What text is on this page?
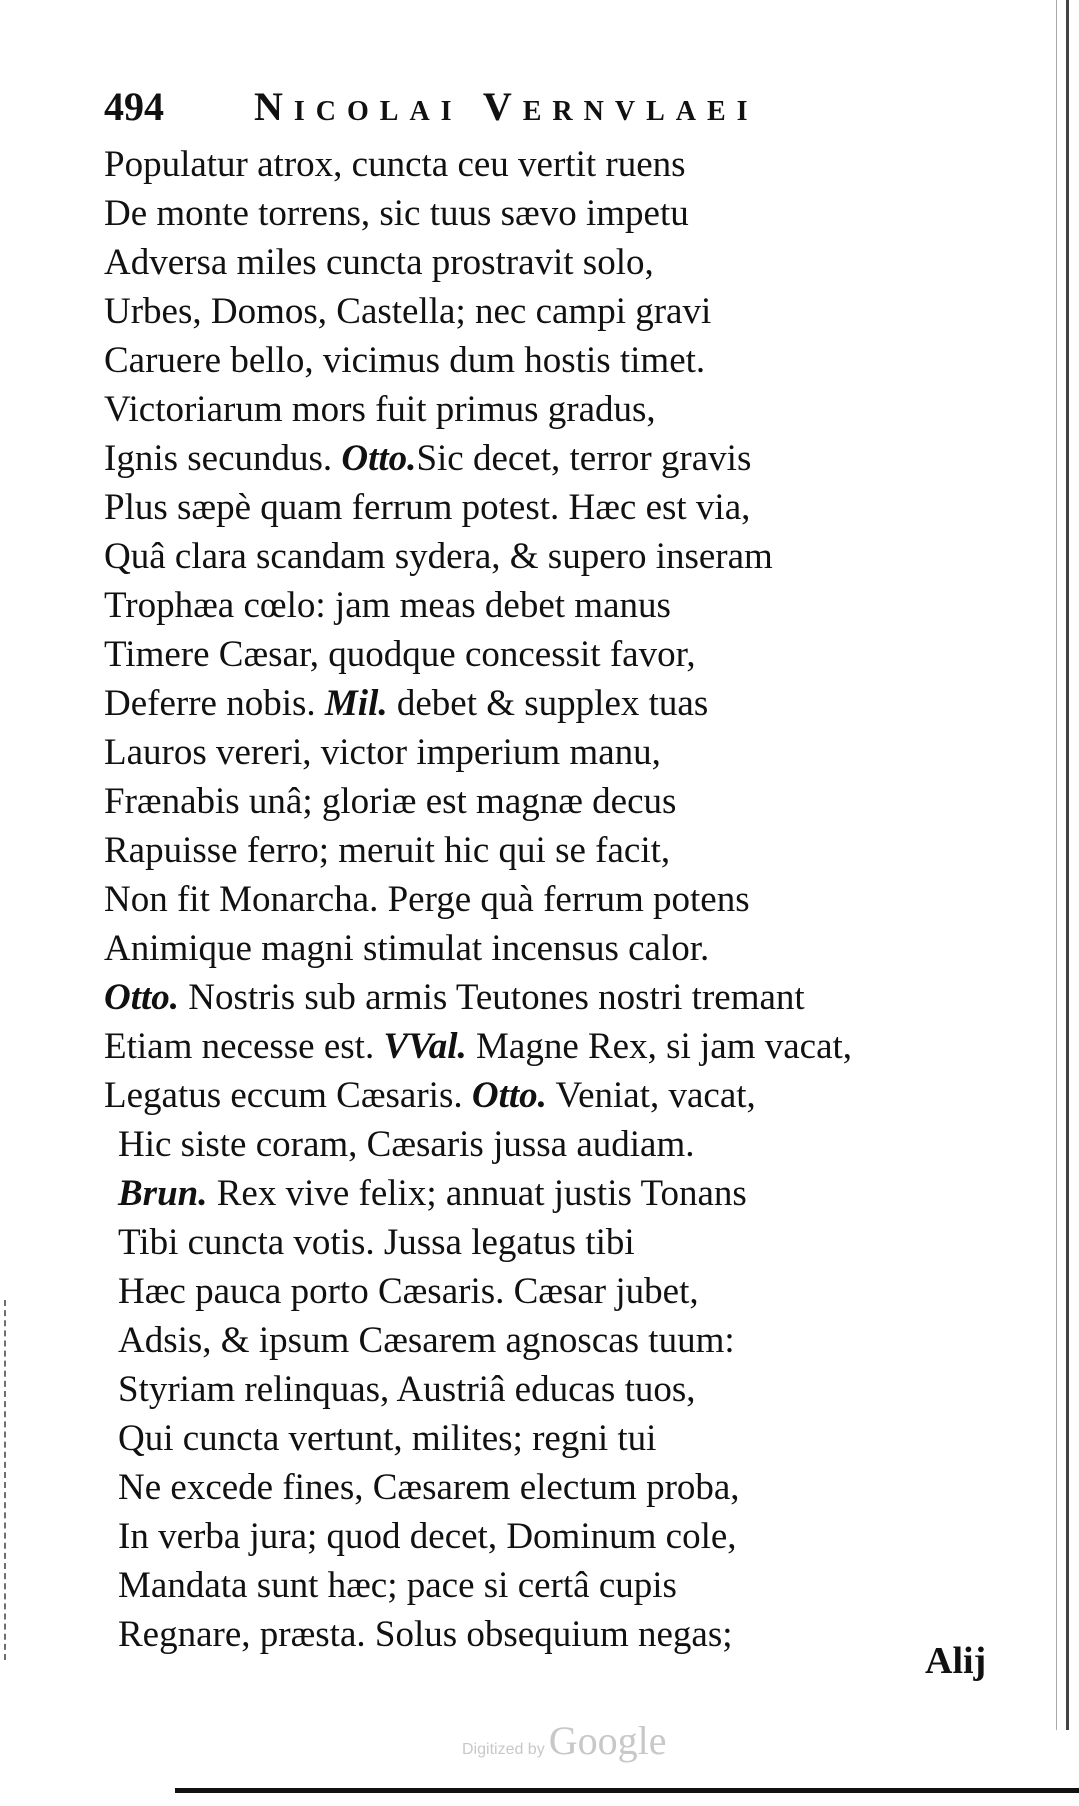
494 Nicolai Vernvlaei
Populatur atrox, cuncta ceu vertit ruens
De monte torrens, sic tuus sævo impetu
Adversa miles cuncta prostravit solo,
Urbes, Domos, Castella; nec campi gravi
Caruere bello, vicimus dum hostis timet.
Victoriarum mors fuit primus gradus,
Ignis secundus. Otto.Sic decet, terror gravis
Plus sæpè quam ferrum potest. Hæc est via,
Quâ clara scandam sydera, & supero inseram
Trophæa cœlo: jam meas debet manus
Timere Cæsar, quodque concessit favor,
Deferre nobis. Mil. debet & supplex tuas
Lauros vereri, victor imperium manu,
Frænabis unâ; gloriæ est magnæ decus
Rapuisse ferro; meruit hic qui se facit,
Non fit Monarcha. Perge quà ferrum potens
Animique magni stimulat incensus calor.
Otto. Nostris sub armis Teutones nostri tremant
Etiam necesse est. VVal. Magne Rex, si jam vacat,
Legatus eccum Cæsaris. Otto. Veniat, vacat,
Hic siste coram, Cæsaris jussa audiam.
Brun. Rex vive felix; annuat justis Tonans
Tibi cuncta votis. Jussa legatus tibi
Hæc pauca porto Cæsaris. Cæsar jubet,
Adsis, & ipsum Cæsarem agnoscas tuum:
Styriam relinquas, Austriâ educas tuos,
Qui cuncta vertunt, milites; regni tui
Ne excede fines, Cæsarem electum proba,
In verba jura; quod decet, Dominum cole,
Mandata sunt hæc; pace si certâ cupis
Regnare, præsta. Solus obsequium negas;
Alij
Digitized by Google
